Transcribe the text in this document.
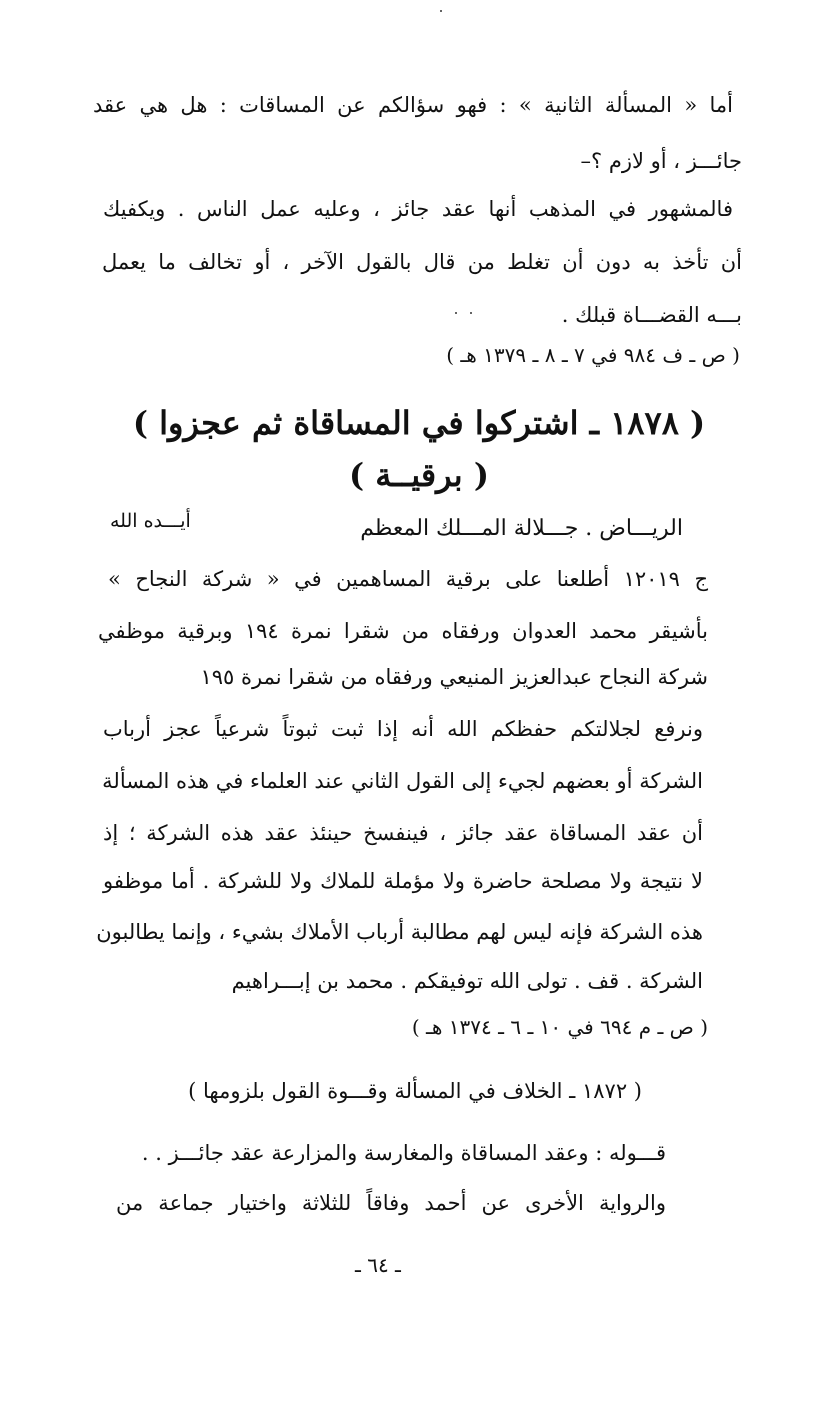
أما « المسألة الثانية » : فهو سؤالكم عن المساقات : هل هي عقد
جائـــز ، أو لازم ؟–
فالمشهور في المذهب أنها عقد جائز ، وعليه عمل الناس . ويكفيك
أن تأخذ به دون أن تغلط من قال بالقول الآخر ، أو تخالف ما يعمل
بـــه القضـــاة قبلك .
( ص ـ ف ٩٨٤ في ٧ ـ ٨ ـ ١٣٧٩ هـ )
( ١٨٧٨ ـ اشتركوا في المساقاة ثم عجزوا )
( برقيــة )
الريـــاض . جـــلالة المـــلك المعظم
أيـــده الله
ج ١٢٠١٩ أطلعنا على برقية المساهمين في « شركة النجاح »
بأشيقر محمد العدوان ورفقاه من شقرا نمرة ١٩٤ وبرقية موظفي
شركة النجاح عبدالعزيز المنيعي ورفقاه من شقرا نمرة ١٩٥
ونرفع لجلالتكم حفظكم الله أنه إذا ثبت ثبوتاً شرعياً عجز أرباب
الشركة أو بعضهم لجيء إلى القول الثاني عند العلماء في هذه المسألة
أن عقد المساقاة عقد جائز ، فينفسخ حينئذ عقد هذه الشركة ؛ إذ
لا نتيجة ولا مصلحة حاضرة ولا مؤملة للملاك ولا للشركة . أما موظفو
هذه الشركة فإنه ليس لهم مطالبة أرباب الأملاك بشيء ، وإنما يطالبون
الشركة . قف . تولى الله توفيقكم . محمد بن إبـــراهيم
( ص ـ م ٦٩٤ في ١٠ ـ ٦ ـ ١٣٧٤ هـ )
( ١٨٧٢ ـ الخلاف في المسألة وقـــوة القول بلزومها )
قـــوله : وعقد المساقاة والمغارسة والمزارعة عقد جائـــز . .
والرواية الأخرى عن أحمد وفاقاً للثلاثة واختيار جماعة من
ـ ٦٤ ـ
